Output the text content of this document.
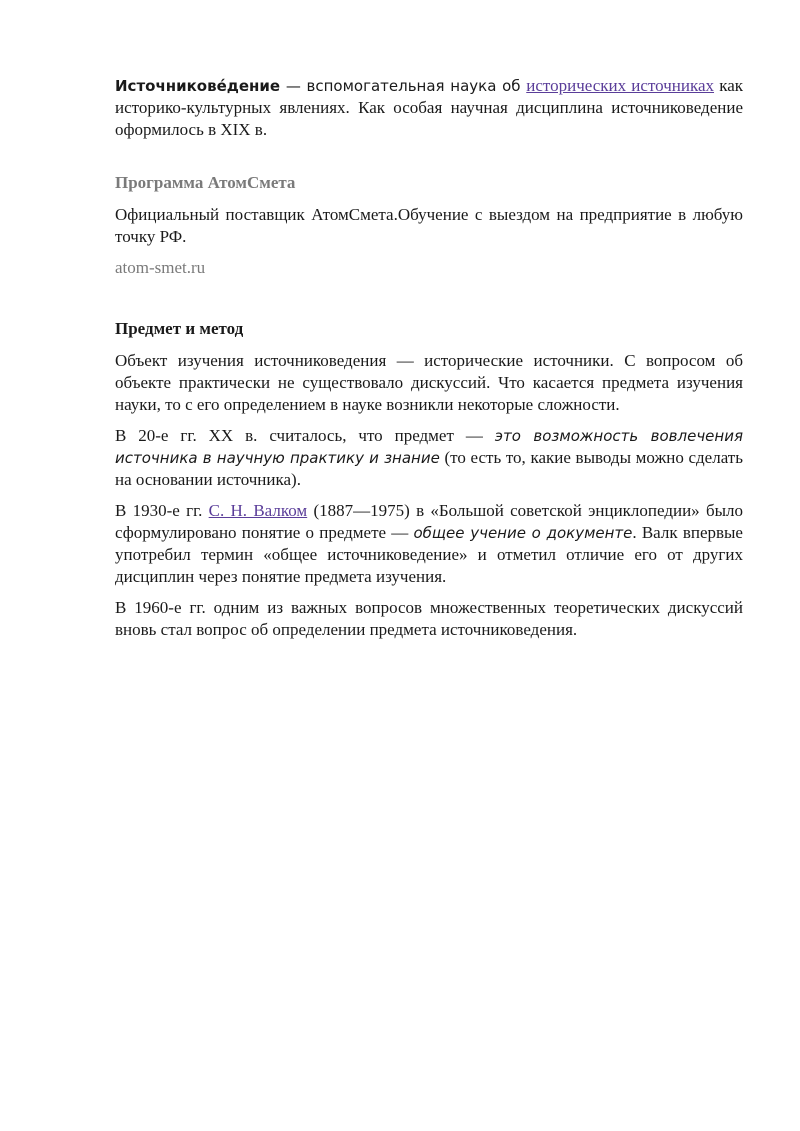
Источникове́дение — вспомогательная наука об исторических источниках как историко-культурных явлениях. Как особая научная дисциплина источниковедение оформилось в XIX в.

Программа АтомСмета

Официальный поставщик АтомСмета.Обучение с выездом на предприятие в любую точку РФ.

atom-smet.ru

Предмет и метод

Объект изучения источниковедения — исторические источники. С вопросом об объекте практически не существовало дискуссий. Что касается предмета изучения науки, то с его определением в науке возникли некоторые сложности.

В 20-е гг. XX в. считалось, что предмет — это возможность вовлечения источника в научную практику и знание (то есть то, какие выводы можно сделать на основании источника).

В 1930-е гг. С. Н. Валком (1887—1975) в «Большой советской энциклопедии» было сформулировано понятие о предмете — общее учение о документе. Валк впервые употребил термин «общее источниковедение» и отметил отличие его от других дисциплин через понятие предмета изучения.

В 1960-е гг. одним из важных вопросов множественных теоретических дискуссий вновь стал вопрос об определении предмета источниковедения.
